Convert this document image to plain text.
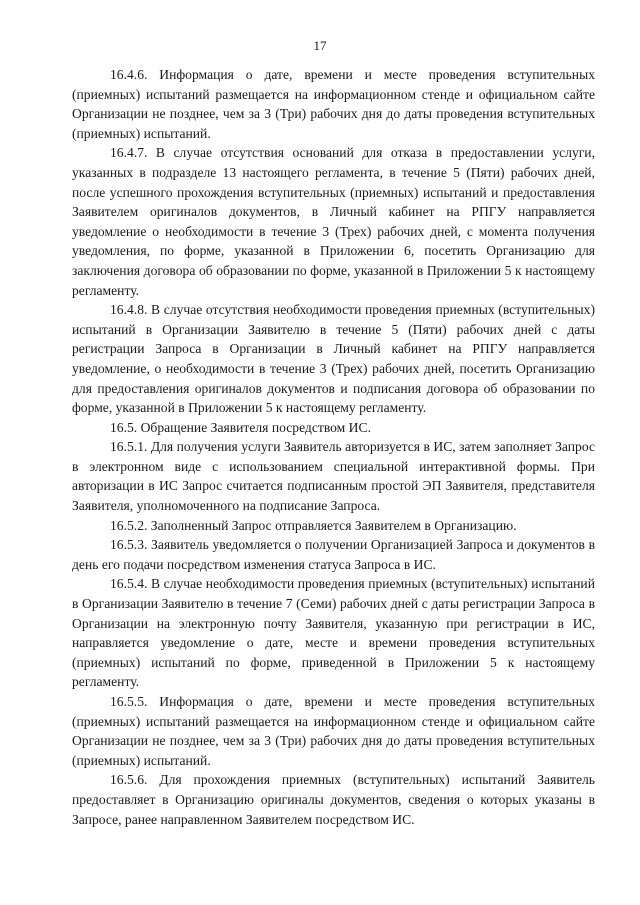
17

16.4.6. Информация о дате, времени и месте проведения вступительных (приемных) испытаний размещается на информационном стенде и официальном сайте Организации не позднее, чем за 3 (Три) рабочих дня до даты проведения вступительных (приемных) испытаний.

16.4.7. В случае отсутствия оснований для отказа в предоставлении услуги, указанных в подразделе 13 настоящего регламента, в течение 5 (Пяти) рабочих дней, после успешного прохождения вступительных (приемных) испытаний и предоставления Заявителем оригиналов документов, в Личный кабинет на РПГУ направляется уведомление о необходимости в течение 3 (Трех) рабочих дней, с момента получения уведомления, по форме, указанной в Приложении 6, посетить Организацию для заключения договора об образовании по форме, указанной в Приложении 5 к настоящему регламенту.

16.4.8. В случае отсутствия необходимости проведения приемных (вступительных) испытаний в Организации Заявителю в течение 5 (Пяти) рабочих дней с даты регистрации Запроса в Организации в Личный кабинет на РПГУ направляется уведомление, о необходимости в течение 3 (Трех) рабочих дней, посетить Организацию для предоставления оригиналов документов и подписания договора об образовании по форме, указанной в Приложении 5 к настоящему регламенту.

16.5. Обращение Заявителя посредством ИС.

16.5.1. Для получения услуги Заявитель авторизуется в ИС, затем заполняет Запрос в электронном виде с использованием специальной интерактивной формы. При авторизации в ИС Запрос считается подписанным простой ЭП Заявителя, представителя Заявителя, уполномоченного на подписание Запроса.

16.5.2. Заполненный Запрос отправляется Заявителем в Организацию.

16.5.3. Заявитель уведомляется о получении Организацией Запроса и документов в день его подачи посредством изменения статуса Запроса в ИС.

16.5.4. В случае необходимости проведения приемных (вступительных) испытаний в Организации Заявителю в течение 7 (Семи) рабочих дней с даты регистрации Запроса в Организации на электронную почту Заявителя, указанную при регистрации в ИС, направляется уведомление о дате, месте и времени проведения вступительных (приемных) испытаний по форме, приведенной в Приложении 5 к настоящему регламенту.

16.5.5. Информация о дате, времени и месте проведения вступительных (приемных) испытаний размещается на информационном стенде и официальном сайте Организации не позднее, чем за 3 (Три) рабочих дня до даты проведения вступительных (приемных) испытаний.

16.5.6. Для прохождения приемных (вступительных) испытаний Заявитель предоставляет в Организацию оригиналы документов, сведения о которых указаны в Запросе, ранее направленном Заявителем посредством ИС.
